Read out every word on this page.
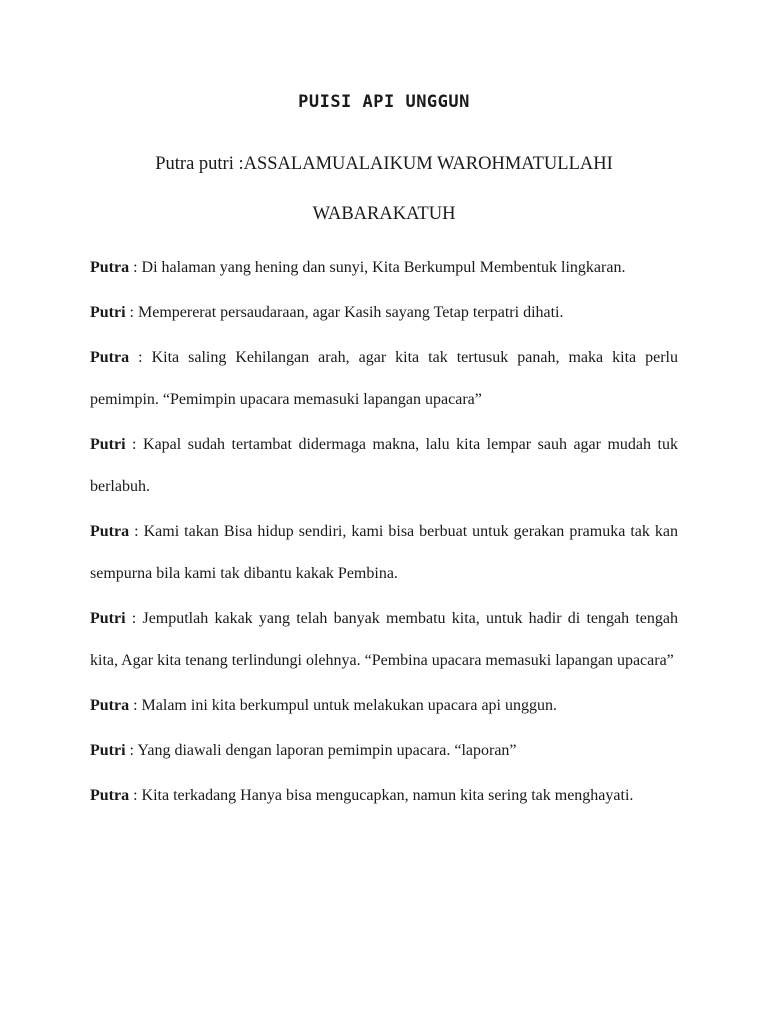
PUISI API UNGGUN
Putra putri :ASSALAMUALAIKUM WAROHMATULLAHI
WABARAKATUH

Putra : Di halaman yang hening dan sunyi, Kita Berkumpul Membentuk lingkaran.

Putri : Mempererat persaudaraan, agar Kasih sayang Tetap terpatri dihati.

Putra : Kita saling Kehilangan arah, agar kita tak tertusuk panah, maka kita perlu pemimpin. “Pemimpin upacara memasuki lapangan upacara”

Putri : Kapal sudah tertambat didermaga makna, lalu kita lempar sauh agar mudah tuk berlabuh.

Putra : Kami takan Bisa hidup sendiri, kami bisa berbuat untuk gerakan pramuka tak kan sempurna bila kami tak dibantu kakak Pembina.

Putri : Jemputlah kakak yang telah banyak membatu kita, untuk hadir di tengah tengah kita, Agar kita tenang terlindungi olehnya. “Pembina upacara memasuki lapangan upacara”

Putra : Malam ini kita berkumpul untuk melakukan upacara api unggun.

Putri : Yang diawali dengan laporan pemimpin upacara. “laporan”

Putra : Kita terkadang Hanya bisa mengucapkan, namun kita sering tak menghayati.
